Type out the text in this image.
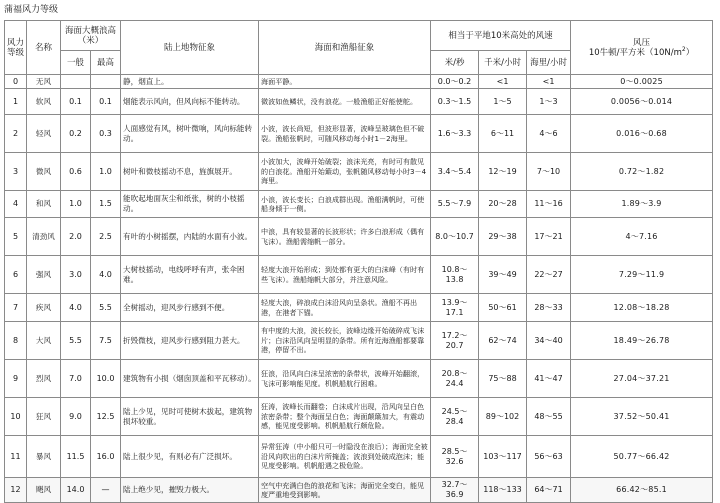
蒲福风力等级
风力等级	名称	海面大概浪高（米）		陆上地物征象	海面和渔船征象	相当于平地10米高处的风速			风压
10牛顿/平方米$(10N/m^2)$

		一般	最高			米/秒	千米/小时	海里/小时	
0	无风			静，烟直上。	海面平静。	0.0～0.2	<1	<1	0～0.0025
1	软风	0.1	0.1	烟能表示风向，但风向标不能转动。	微波如鱼鳞状，没有浪花。一般渔船正好能使舵。	0.3～1.5	1～5	1～3	0.0056～0.014
2	轻风	0.2	0.3	人面感觉有风，树叶微响，风向标能转动。	小波，波长尚短，但波形显著，波峰呈玻璃色但不破裂。渔船张帆时，可随风移动每小时1－2海里。	1.6～3.3	6～11	4～6	0.016～0.68
3	微风	0.6	1.0	树叶和微枝摇动不息，旌旗展开。	小波加大，波峰开始破裂；浪沫光亮，有时可有散见的白浪花。渔船开始簸动，张帆随风移动每小时3－4海里。	3.4～5.4	12～19	7～10	0.72～1.82
4	和风	1.0	1.5	能吹起地面灰尘和纸张，树的小枝摇动。	小浪，波长变长；白浪成群出现。渔船满帆时，可使船身倾于一侧。	5.5～7.9	20～28	11～16	1.89～3.9
5	清劲风	2.0	2.5	有叶的小树摇摆，内陆的水面有小波。	中浪，具有较显著的长波形状；许多白浪形成（偶有飞沫）。渔船需缩帆一部分。	8.0～10.7	29～38	17～21	4～7.16
6	强风	3.0	4.0	大树枝摇动，电线呼呼有声，张伞困难。	轻度大浪开始形成；到处都有更大的白沫峰（有时有些飞沫）。渔船缩帆大部分，并注意风险。	10.8～13.8	39～49	22～27	7.29～11.9
7	疾风	4.0	5.5	全树摇动，迎风步行感到不便。	轻度大浪，碎浪成白沫沿风向呈条状。渔船不再出港，在港者下锚。	13.9～17.1	50～61	28～33	12.08～18.28
8	大风	5.5	7.5	折毁微枝，迎风步行感到阻力甚大。	有中度的大浪，波长较长，波峰边缘开始破碎成飞沫片；白沫沿风向呈明显的条带。所有近海渔船都要靠港，停留不出。	17.2～20.7	62～74	34～40	18.49～26.78
9	烈风	7.0	10.0	建筑物有小损（烟囱顶盖和平瓦移动）。	狂浪，沿风向白沫呈浓密的条带状，波峰开始翻滚，飞沫可影响能见度。机帆船航行困难。	20.8～24.4	75～88	41～47	27.04～37.21
10	狂风	9.0	12.5	陆上少见，见时可使树木拔起，建筑物损坏较重。	狂涛，波峰长而翻卷；白沫成片出现，沿风向呈白色浓密条带；整个海面呈白色；海面颠簸加大，有震动感，能见度受影响。机帆船航行颇危险。	24.5～28.4	89～102	48～55	37.52～50.41
11	暴风	11.5	16.0	陆上很少见，有则必有广泛损坏。	异常狂涛（中小船只可一时隐没在浪后）；海面完全被沿风向吹出的白沫片所掩盖；波浪到处破成泡沫；能见度受影响。机帆船遇之极危险。	28.5～32.6	103～117	56～63	50.77～66.42
12	飓风	14.0	—	陆上绝少见，摧毁力极大。	空气中充满白色的浪花和飞沫；海面完全变白，能见度严重地受到影响。	32.7～36.9	118～133	64～71	66.42～85.1
